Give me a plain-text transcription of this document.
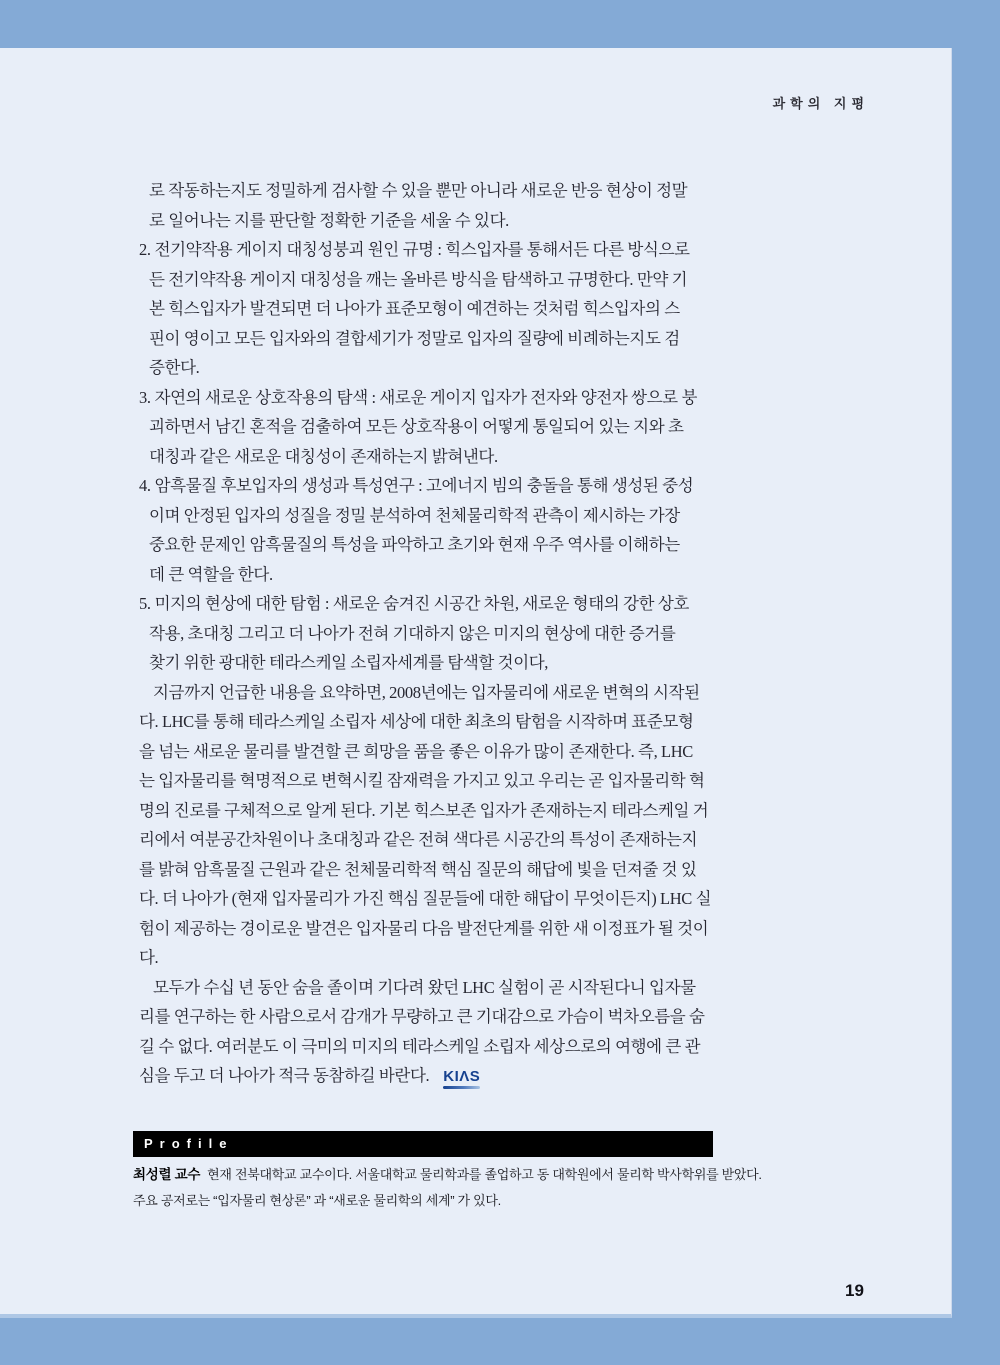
과학의 지평
로 작동하는지도 정밀하게 검사할 수 있을 뿐만 아니라 새로운 반응 현상이 정말
로 일어나는 지를 판단할 정확한 기준을 세울 수 있다.
2. 전기약작용 게이지 대칭성붕괴 원인 규명 : 힉스입자를 통해서든 다른 방식으로
든 전기약작용 게이지 대칭성을 깨는 올바른 방식을 탐색하고 규명한다. 만약 기
본 힉스입자가 발견되면 더 나아가 표준모형이 예견하는 것처럼 힉스입자의 스
핀이 영이고 모든 입자와의 결합세기가 정말로 입자의 질량에 비례하는지도 검
증한다.
3. 자연의 새로운 상호작용의 탐색 : 새로운 게이지 입자가 전자와 양전자 쌍으로 붕
괴하면서 남긴 혼적을 검출하여 모든 상호작용이 어떻게 통일되어 있는 지와 초
대칭과 같은 새로운 대칭성이 존재하는지 밝혀낸다.
4. 암흑물질 후보입자의 생성과 특성연구 : 고에너지 빔의 충돌을 통해 생성된 중성
이며 안정된 입자의 성질을 정밀 분석하여 천체물리학적 관측이 제시하는 가장
중요한 문제인 암흑물질의 특성을 파악하고 초기와 현재 우주 역사를 이해하는
데 큰 역할을 한다.
5. 미지의 현상에 대한 탐험 : 새로운 숨겨진 시공간 차원, 새로운 형태의 강한 상호
작용, 초대칭 그리고 더 나아가 전혀 기대하지 않은 미지의 현상에 대한 증거를
찾기 위한 광대한 테라스케일 소립자세계를 탐색할 것이다,
지금까지 언급한 내용을 요약하면, 2008년에는 입자물리에 새로운 변혁의 시작된
다. LHC를 통해 테라스케일 소립자 세상에 대한 최초의 탐험을 시작하며 표준모형
을 넘는 새로운 물리를 발견할 큰 희망을 품을 좋은 이유가 많이 존재한다. 즉, LHC
는 입자물리를 혁명적으로 변혁시킬 잠재력을 가지고 있고 우리는 곧 입자물리학 혁
명의 진로를 구체적으로 알게 된다. 기본 힉스보존 입자가 존재하는지 테라스케일 거
리에서 여분공간차원이나 초대칭과 같은 전혀 색다른 시공간의 특성이 존재하는지
를 밝혀 암흑물질 근원과 같은 천체물리학적 핵심 질문의 해답에 빛을 던져줄 것 있
다. 더 나아가 (현재 입자물리가 가진 핵심 질문들에 대한 해답이 무엇이든지) LHC 실
험이 제공하는 경이로운 발견은 입자물리 다음 발전단계를 위한 새 이정표가 될 것이
다.
모두가 수십 년 동안 숨을 졸이며 기다려 왔던 LHC 실험이 곧 시작된다니 입자물
리를 연구하는 한 사람으로서 감개가 무량하고 큰 기대감으로 가슴이 벅차오름을 숨
길 수 없다. 여러분도 이 극미의 미지의 테라스케일 소립자 세상으로의 여행에 큰 관
심을 두고 더 나아가 적극 동참하길 바란다. KIΛS
Profile
최성렬 교수 현재 전북대학교 교수이다. 서울대학교 물리학과를 졸업하고 동 대학원에서 물리학 박사학위를 받았다.
주요 공저로는 “입자물리 현상론” 과 “새로운 물리학의 세계” 가 있다.
19
